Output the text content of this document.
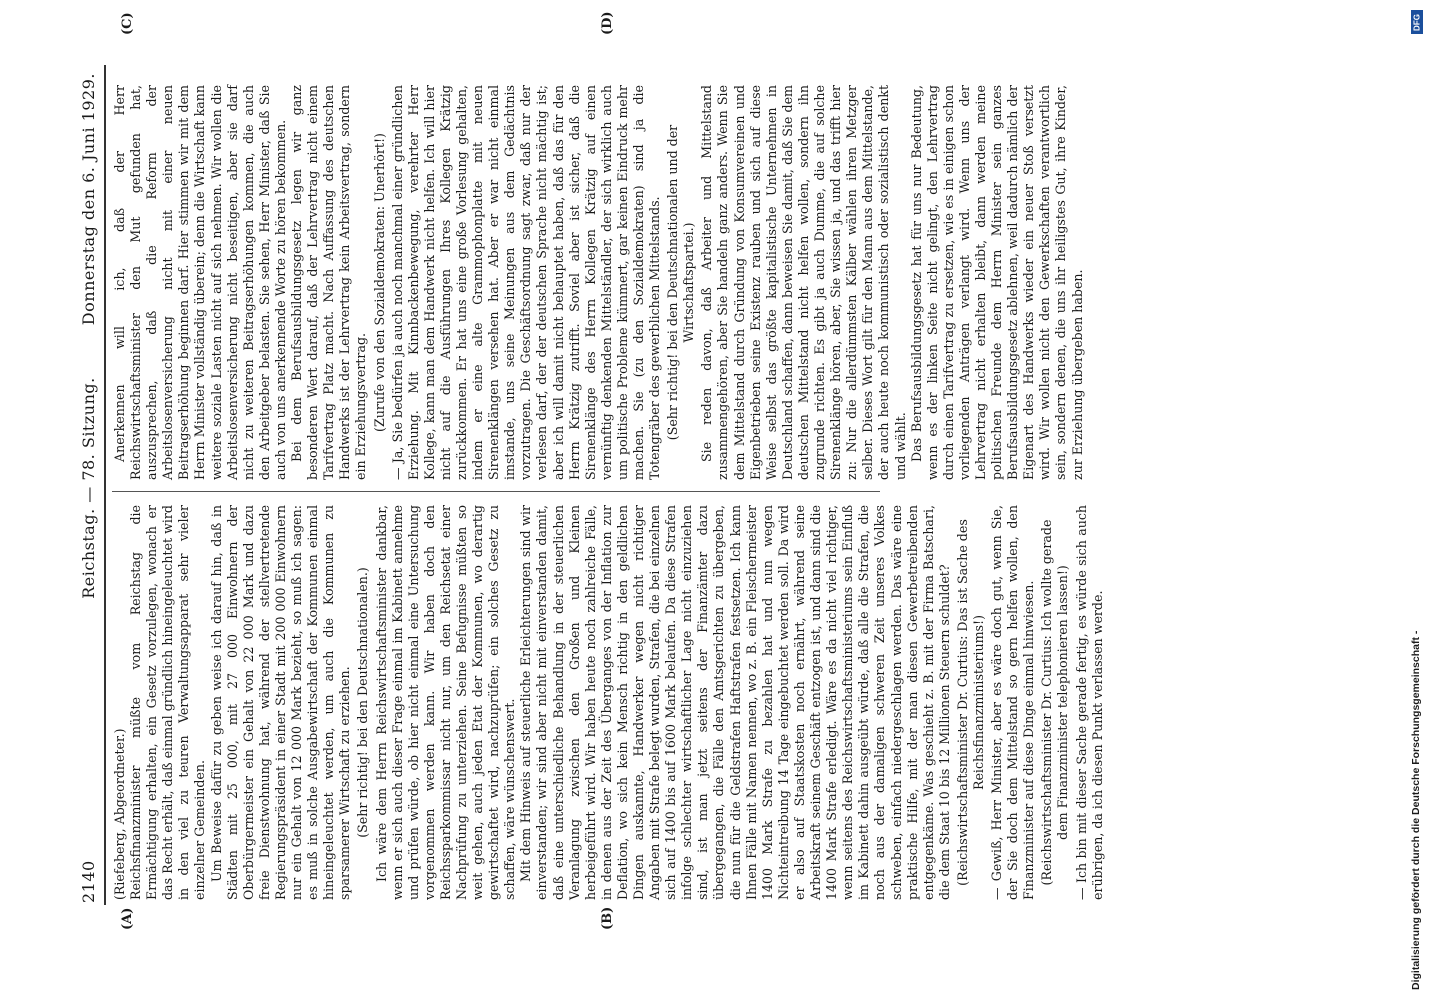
2140
Reichstag. — 78. Sitzung.
Donnerstag den 6. Juni 1929.
(A)	(B)
(C)	(D)

(Riefeberg, Abgeordneter.) Reichsfinanzminister müßte vom Reichstag die Ermächtigung erhalten, ein Gesetz vorzulegen, wonach er das Recht erhält, daß einmal gründlich hineingeleuchtet wird in den viel zu teuren Verwaltungsapparat sehr vieler einzelner Gemeinden. Um Beweise dafür zu geben weise ich darauf hin, daß in Städten mit 25 000, mit 27 000 Einwohnern der Oberbürgermeister ein Gehalt von 22 000 Mark und dazu freie Dienstwohnung hat, während der stellvertretende Regierungspräsident in einer Stadt mit 200 000 Einwohnern nur ein Gehalt von 12 000 Mark bezieht, so muß ich sagen: es muß in solche Ausgabewirtschaft der Kommunen einmal hineingeleuchtet werden, um auch die Kommunen zu sparsamerer Wirtschaft zu erziehen. (Sehr richtig! bei den Deutschnationalen.) Ich wäre dem Herrn Reichswirtschaftsminister dankbar, wenn er sich auch dieser Frage einmal im Kabinett annehme und prüfen würde, ob hier nicht einmal eine Untersuchung vorgenommen werden kann. Wir haben doch den Reichssparkommissar nicht nur, um den Reichsetat einer Nachprüfung zu unterziehen. Seine Befugnisse müßten so weit gehen, auch jeden Etat der Kommunen, wo derartig gewirtschaftet wird, nachzuprüfen; ein solches Gesetz zu schaffen, wäre wünschenswert. Mit dem Hinweis auf steuerliche Erleichterungen sind wir einverstanden; wir sind aber nicht mit einverstanden damit, daß eine unterschiedliche Behandlung in der steuerlichen Veranlagung zwischen den Großen und Kleinen herbeigeführt wird. Wir haben heute noch zahlreiche Fälle, in denen aus der Zeit des Überganges von der Inflation zur Deflation, wo sich kein Mensch richtig in den geldlichen Dingen auskannte, Handwerker wegen nicht richtiger Angaben mit Strafe belegt wurden, Strafen, die bei einzelnen sich auf 1400 bis auf 1600 Mark belaufen. Da diese Strafen infolge schlechter wirtschaftlicher Lage nicht einzuziehen sind, ist man jetzt seitens der Finanzämter dazu übergegangen, die Fälle den Amtsgerichten zu übergeben, die nun für die Geldstrafen Haftstrafen festsetzen. Ich kann Ihnen Fälle mit Namen nennen, wo z. B. ein Fleischermeister 1400 Mark Strafe zu bezahlen hat und nun wegen Nichteintreibung 14 Tage eingebuchtet werden soll. Da wird er also auf Staatskosten noch ernährt, während seine Arbeitskraft seinem Geschäft entzogen ist, und dann sind die 1400 Mark Strafe erledigt. Wäre es da nicht viel richtiger, wenn seitens des Reichswirtschaftsministeriums sein Einfluß im Kabinett dahin ausgeübt würde, daß alle die Strafen, die noch aus der damaligen schweren Zeit unseres Volkes schweben, einfach niedergeschlagen werden. Das wäre eine praktische Hilfe, mit der man diesen Gewerbetreibenden entgegenkäme. Was geschieht z. B. mit der Firma Batschari, die dem Staat 10 bis 12 Millionen Steuern schuldet? (Reichswirtschaftsminister Dr. Curtius: Das ist Sache des Reichsfinanzministeriums!) — Gewiß, Herr Minister, aber es wäre doch gut, wenn Sie, der Sie doch dem Mittelstand so gern helfen wollen, den Finanzminister auf diese Dinge einmal hinwiesen. (Reichswirtschaftsminister Dr. Curtius: Ich wollte gerade dem Finanzminister telephonieren lassen!) — Ich bin mit dieser Sache gerade fertig, es würde sich auch erübrigen, da ich diesen Punkt verlassen werde.

Anerkennen will ich, daß der Herr Reichswirtschaftsminister den Mut gefunden hat, auszusprechen, daß die Reform der Arbeitslosenversicherung nicht mit einer neuen Beitragserhöhung beginnen darf. Hier stimmen wir mit dem Herrn Minister vollständig überein; denn die Wirtschaft kann weitere soziale Lasten nicht auf sich nehmen. Wir wollen die Arbeitslosenversicherung nicht beseitigen, aber sie darf nicht zu weiteren Beitragserhöhungen kommen, die auch den Arbeitgeber belasten. Sie sehen, Herr Minister, daß Sie auch von uns anerkennende Worte zu hören bekommen. Bei dem Berufsausbildungsgesetz legen wir ganz besonderen Wert darauf, daß der Lehrvertrag nicht einem Tarifvertrag Platz macht. Nach Auffassung des deutschen Handwerks ist der Lehrvertrag kein Arbeitsvertrag, sondern ein Erziehungsvertrag. (Zurufe von den Sozialdemokraten: Unerhört!) — Ja, Sie bedürfen ja auch noch manchmal einer gründlichen Erziehung. Mit Kinnbackenbewegung, verehrter Herr Kollege, kann man dem Handwerk nicht helfen. Ich will hier nicht auf die Ausführungen Ihres Kollegen Krätzig zurückkommen. Er hat uns eine große Vorlesung gehalten, indem er eine alte Grammophonplatte mit neuen Sirenenklängen versehen hat. Aber er war nicht einmal imstande, uns seine Meinungen aus dem Gedächtnis vorzutragen. Die Geschäftsordnung sagt zwar, daß nur der verlesen darf, der der deutschen Sprache nicht mächtig ist; aber ich will damit nicht behauptet haben, daß das für den Herrn Krätzig zutrifft. Soviel aber ist sicher, daß die Sirenenklänge des Herrn Kollegen Krätzig auf einen vernünftig denkenden Mittelständler, der sich wirklich auch um politische Probleme kümmert, gar keinen Eindruck mehr machen. Sie (zu den Sozialdemokraten) sind ja die Totengräber des gewerblichen Mittelstands. (Sehr richtig! bei den Deutschnationalen und der Wirtschaftspartei.) Sie reden davon, daß Arbeiter und Mittelstand zusammengehören, aber Sie handeln ganz anders. Wenn Sie dem Mittelstand durch Gründung von Konsumvereinen und Eigenbetrieben seine Existenz rauben und sich auf diese Weise selbst das größte kapitalistische Unternehmen in Deutschland schaffen, dann beweisen Sie damit, daß Sie dem deutschen Mittelstand nicht helfen wollen, sondern ihn zugrunde richten. Es gibt ja auch Dumme, die auf solche Sirenenklänge hören, aber, Sie wissen ja, und das trifft hier zu: Nur die allerdümmsten Kälber wählen ihren Metzger selber. Dieses Wort gilt für den Mann aus dem Mittelstande, der auch heute noch kommunistisch oder sozialistisch denkt und wählt. Das Berufsausbildungsgesetz hat für uns nur Bedeutung, wenn es der linken Seite nicht gelingt, den Lehrvertrag durch einen Tarifvertrag zu ersetzen, wie es in einigen schon vorliegenden Anträgen verlangt wird. Wenn uns der Lehrvertrag nicht erhalten bleibt, dann werden meine politischen Freunde dem Herrn Minister sein ganzes Berufsausbildungsgesetz ablehnen, weil dadurch nämlich der Eigenart des Handwerks wieder ein neuer Stoß versetzt wird. Wir wollen nicht den Gewerkschaften verantwortlich sein, sondern denen, die uns ihr heiligstes Gut, ihre Kinder, zur Erziehung übergeben haben.

Digitalisierung gefördert durch die Deutsche Forschungsgemeinschaft -
DFG
